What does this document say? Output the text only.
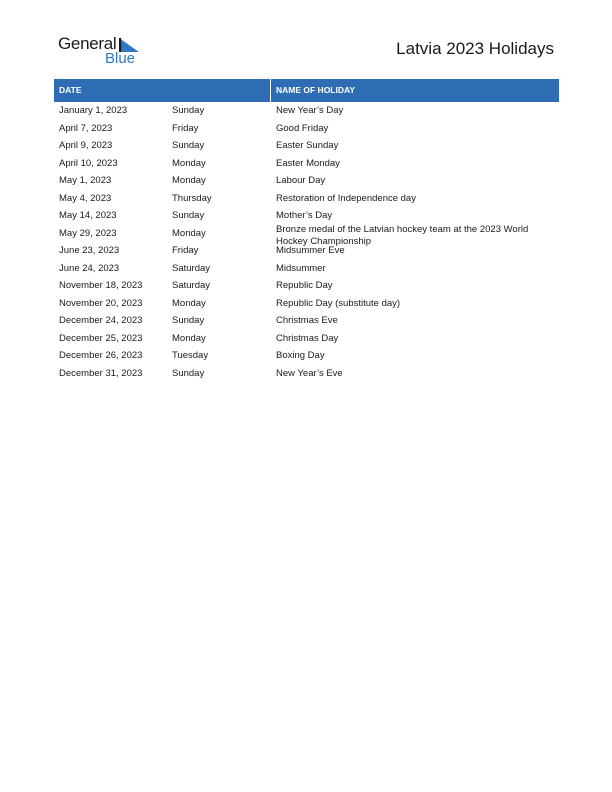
General
Blue
Latvia 2023 Holidays
DATE	NAME OF HOLIDAY
January 1, 2023	Sunday	New Year’s Day
April 7, 2023	Friday	Good Friday
April 9, 2023	Sunday	Easter Sunday
April 10, 2023	Monday	Easter Monday
May 1, 2023	Monday	Labour Day
May 4, 2023	Thursday	Restoration of Independence day
May 14, 2023	Sunday	Mother’s Day
May 29, 2023	Monday	Bronze medal of the Latvian hockey team at the 2023 World Hockey Championship
June 23, 2023	Friday	Midsummer Eve
June 24, 2023	Saturday	Midsummer
November 18, 2023	Saturday	Republic Day
November 20, 2023	Monday	Republic Day (substitute day)
December 24, 2023	Sunday	Christmas Eve
December 25, 2023	Monday	Christmas Day
December 26, 2023	Tuesday	Boxing Day
December 31, 2023	Sunday	New Year’s Eve
